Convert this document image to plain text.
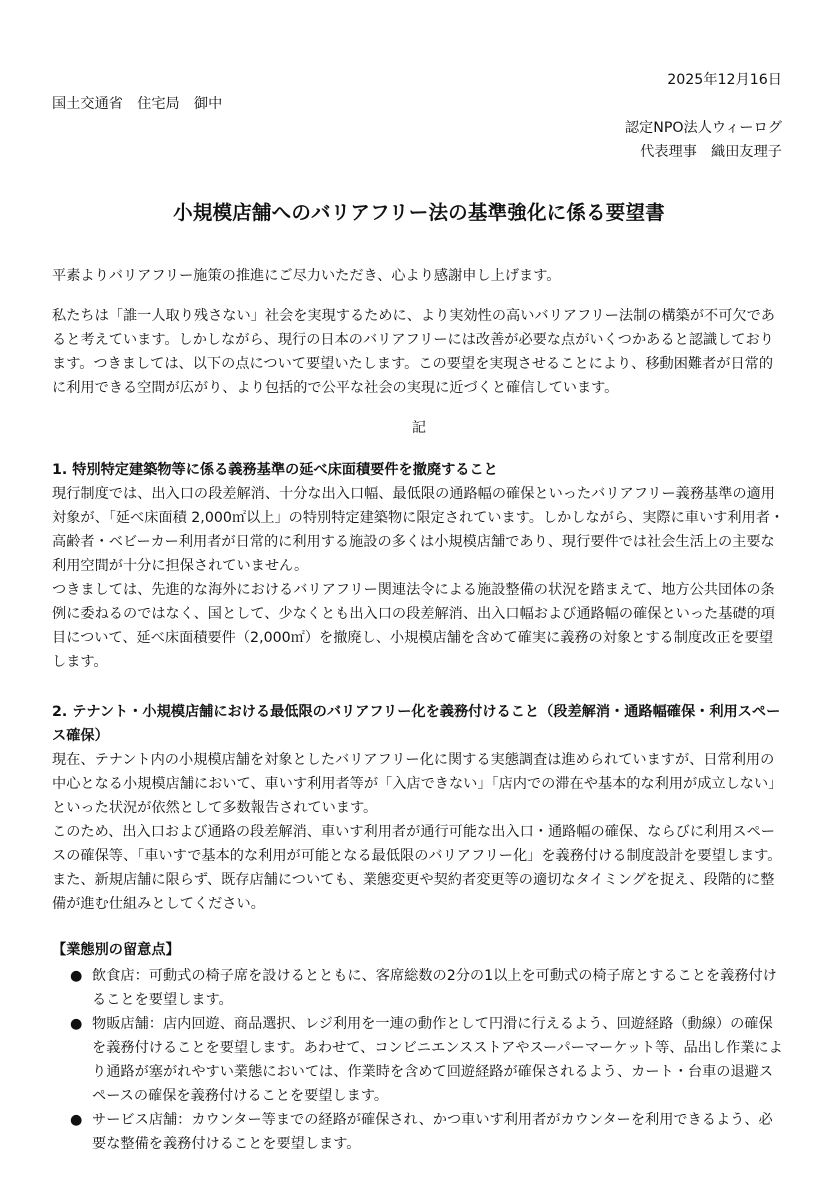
2025年12月16日
国土交通省　住宅局　御中
認定NPO法人ウィーログ
代表理事　織田友理子
小規模店舗へのバリアフリー法の基準強化に係る要望書

平素よりバリアフリー施策の推進にご尽力いただき、心より感謝申し上げます。

私たちは「誰一人取り残さない」社会を実現するために、より実効性の高いバリアフリー法制の構築が不可欠であると考えています。しかしながら、現行の日本のバリアフリーには改善が必要な点がいくつかあると認識しております。つきましては、以下の点について要望いたします。この要望を実現させることにより、移動困難者が日常的に利用できる空間が広がり、より包括的で公平な社会の実現に近づくと確信しています。

記

1. 特別特定建築物等に係る義務基準の延べ床面積要件を撤廃すること

現行制度では、出入口の段差解消、十分な出入口幅、最低限の通路幅の確保といったバリアフリー義務基準の適用対象が、「延べ床面積 2,000㎡以上」の特別特定建築物に限定されています。しかしながら、実際に車いす利用者・高齢者・ベビーカー利用者が日常的に利用する施設の多くは小規模店舗であり、現行要件では社会生活上の主要な利用空間が十分に担保されていません。

つきましては、先進的な海外におけるバリアフリー関連法令による施設整備の状況を踏まえて、地方公共団体の条例に委ねるのではなく、国として、少なくとも出入口の段差解消、出入口幅および通路幅の確保といった基礎的項目について、延べ床面積要件（2,000㎡）を撤廃し、小規模店舗を含めて確実に義務の対象とする制度改正を要望します。

2. テナント・小規模店舗における最低限のバリアフリー化を義務付けること（段差解消・通路幅確保・利用スペース確保）

現在、テナント内の小規模店舗を対象としたバリアフリー化に関する実態調査は進められていますが、日常利用の中心となる小規模店舗において、車いす利用者等が「入店できない」「店内での滞在や基本的な利用が成立しない」といった状況が依然として多数報告されています。

このため、出入口および通路の段差解消、車いす利用者が通行可能な出入口・通路幅の確保、ならびに利用スペースの確保等、「車いすで基本的な利用が可能となる最低限のバリアフリー化」を義務付ける制度設計を要望します。

また、新規店舗に限らず、既存店舗についても、業態変更や契約者変更等の適切なタイミングを捉え、段階的に整備が進む仕組みとしてください。

【業態別の留意点】

● 飲食店：可動式の椅子席を設けるとともに、客席総数の2分の1以上を可動式の椅子席とすることを義務付けることを要望します。
● 物販店舗：店内回遊、商品選択、レジ利用を一連の動作として円滑に行えるよう、回遊経路（動線）の確保を義務付けることを要望します。あわせて、コンビニエンスストアやスーパーマーケット等、品出し作業により通路が塞がれやすい業態においては、作業時を含めて回遊経路が確保されるよう、カート・台車の退避スペースの確保を義務付けることを要望します。
● サービス店舗：カウンター等までの経路が確保され、かつ車いす利用者がカウンターを利用できるよう、必要な整備を義務付けることを要望します。
